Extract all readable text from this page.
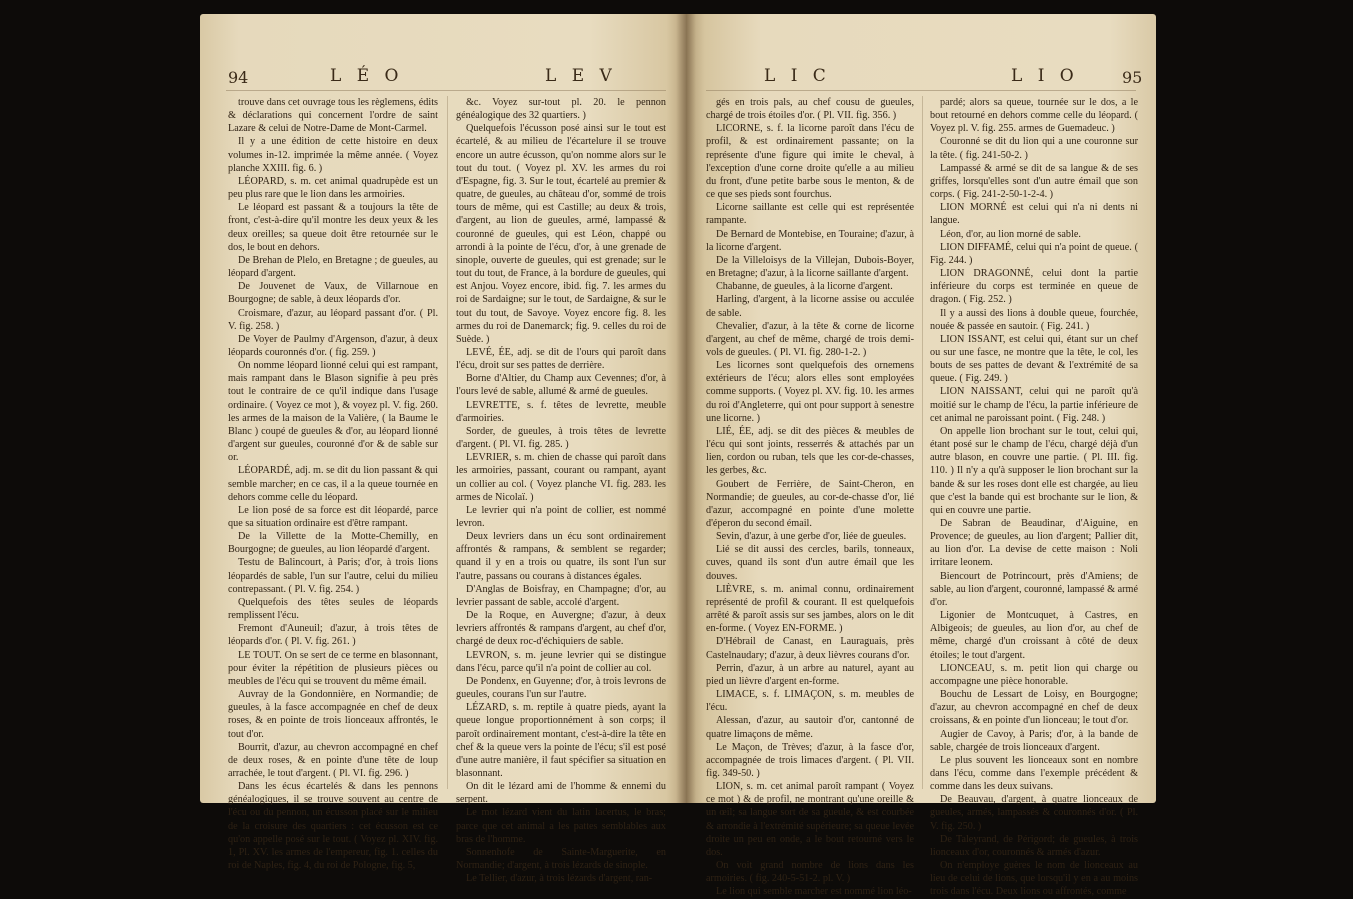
94	L É O	L E V

trouve dans cet ouvrage tous les règlemens, édits & déclarations qui concernent l'ordre de saint Lazare & celui de Notre-Dame de Mont-Carmel.

Il y a une édition de cette histoire en deux volumes in-12. imprimée la même année. ( Voyez planche XXIII. fig. 6. )

LÉOPARD, s. m. cet animal quadrupède est un peu plus rare que le lion dans les armoiries.

Le léopard est passant & a toujours la tête de front, c'est-à-dire qu'il montre les deux yeux & les deux oreilles; sa queue doit être retournée sur le dos, le bout en dehors.

De Brehan de Plelo, en Bretagne ; de gueules, au léopard d'argent.

De Jouvenet de Vaux, de Villarnoue en Bourgogne; de sable, à deux léopards d'or.

Croismare, d'azur, au léopard passant d'or. ( Pl. V. fig. 258. )

De Voyer de Paulmy d'Argenson, d'azur, à deux léopards couronnés d'or. ( fig. 259. )

On nomme léopard lionné celui qui est rampant, mais rampant dans le Blason signifie à peu près tout le contraire de ce qu'il indique dans l'usage ordinaire. ( Voyez ce mot ), & voyez pl. V. fig. 260. les armes de la maison de la Valière, ( la Baume le Blanc ) coupé de gueules & d'or, au léopard lionné d'argent sur gueules, couronné d'or & de sable sur or.

LÉOPARDÉ, adj. m. se dit du lion passant & qui semble marcher; en ce cas, il a la queue tournée en dehors comme celle du léopard.

Le lion posé de sa force est dit léopardé, parce que sa situation ordinaire est d'être rampant.

De la Villette de la Motte-Chemilly, en Bourgogne; de gueules, au lion léopardé d'argent.

Testu de Balincourt, à Paris; d'or, à trois lions léopardés de sable, l'un sur l'autre, celui du milieu contrepassant. ( Pl. V. fig. 254. )

Quelquefois des têtes seules de léopards remplissent l'écu.

Fremont d'Auneuil; d'azur, à trois têtes de léopards d'or. ( Pl. V. fig. 261. )

LE TOUT. On se sert de ce terme en blasonnant, pour éviter la répétition de plusieurs pièces ou meubles de l'écu qui se trouvent du même émail.

Auvray de la Gondonnière, en Normandie; de gueules, à la fasce accompagnée en chef de deux roses, & en pointe de trois lionceaux affrontés, le tout d'or.

Bourrit, d'azur, au chevron accompagné en chef de deux roses, & en pointe d'une tête de loup arrachée, le tout d'argent. ( Pl. VI. fig. 296. )

Dans les écus écartelés & dans les pennons généalogiques, il se trouve souvent au centre de l'écu ou du pennon, un écusson placé sur le milieu de la croisure des quartiers : cet écusson est ce qu'on appelle posé sur le tout. ( Voyez pl. XIV. fig. 1, Pl. XV. les armes de l'empereur, fig. 1. celles du roi de Naples, fig. 4, du roi de Pologne, fig. 5,

&c. Voyez sur-tout pl. 20. le pennon généalogique des 32 quartiers. )

Quelquefois l'écusson posé ainsi sur le tout est écartelé, & au milieu de l'écartelure il se trouve encore un autre écusson, qu'on nomme alors sur le tout du tout. ( Voyez pl. XV. les armes du roi d'Espagne, fig. 3. Sur le tout, écartelé au premier & quatre, de gueules, au château d'or, sommé de trois tours de même, qui est Castille; au deux & trois, d'argent, au lion de gueules, armé, lampassé & couronné de gueules, qui est Léon, chappé ou arrondi à la pointe de l'écu, d'or, à une grenade de sinople, ouverte de gueules, qui est grenade; sur le tout du tout, de France, à la bordure de gueules, qui est Anjou. Voyez encore, ibid. fig. 7. les armes du roi de Sardaigne; sur le tout, de Sardaigne, & sur le tout du tout, de Savoye. Voyez encore fig. 8. les armes du roi de Danemarck; fig. 9. celles du roi de Suède. )

LEVÉ, ÉE, adj. se dit de l'ours qui paroît dans l'écu, droit sur ses pattes de derrière.

Borne d'Altier, du Champ aux Cevennes; d'or, à l'ours levé de sable, allumé & armé de gueules.

LEVRETTE, s. f. têtes de levrette, meuble d'armoiries.

Sorder, de gueules, à trois têtes de levrette d'argent. ( Pl. VI. fig. 285. )

LEVRIER, s. m. chien de chasse qui paroît dans les armoiries, passant, courant ou rampant, ayant un collier au col. ( Voyez planche VI. fig. 283. les armes de Nicolaï. )

Le levrier qui n'a point de collier, est nommé levron.

Deux levriers dans un écu sont ordinairement affrontés & rampans, & semblent se regarder; quand il y en a trois ou quatre, ils sont l'un sur l'autre, passans ou courans à distances égales.

D'Anglas de Boisfray, en Champagne; d'or, au levrier passant de sable, accolé d'argent.

De la Roque, en Auvergne; d'azur, à deux levriers affrontés & rampans d'argent, au chef d'or, chargé de deux roc-d'échiquiers de sable.

LEVRON, s. m. jeune levrier qui se distingue dans l'écu, parce qu'il n'a point de collier au col.

De Pondenx, en Guyenne; d'or, à trois levrons de gueules, courans l'un sur l'autre.

LÉZARD, s. m. reptile à quatre pieds, ayant la queue longue proportionnément à son corps; il paroît ordinairement montant, c'est-à-dire la tête en chef & la queue vers la pointe de l'écu; s'il est posé d'une autre manière, il faut spécifier sa situation en blasonnant.

On dit le lézard ami de l'homme & ennemi du serpent.

Le mot lézard vient du latin lacertus, le bras; parce que cet animal a les pattes semblables aux bras de l'homme.

Sonnenhofe de Sainte-Marguerite, en Normandie; d'argent, à trois lézards de sinople.

Le Tellier, d'azur, à trois lézards d'argent, ran-

L I C	L I O	95

gés en trois pals, au chef cousu de gueules, chargé de trois étoiles d'or. ( Pl. VII. fig. 356. )

LICORNE, s. f. la licorne paroît dans l'écu de profil, & est ordinairement passante; on la représente d'une figure qui imite le cheval, à l'exception d'une corne droite qu'elle a au milieu du front, d'une petite barbe sous le menton, & de ce que ses pieds sont fourchus.

Licorne saillante est celle qui est représentée rampante.

De Bernard de Montebise, en Touraine; d'azur, à la licorne d'argent.

De la Villeloisys de la Villejan, Dubois-Boyer, en Bretagne; d'azur, à la licorne saillante d'argent.

Chabanne, de gueules, à la licorne d'argent.

Harling, d'argent, à la licorne assise ou acculée de sable.

Chevalier, d'azur, à la tête & corne de licorne d'argent, au chef de même, chargé de trois demi-vols de gueules. ( Pl. VI. fig. 280-1-2. )

Les licornes sont quelquefois des ornemens extérieurs de l'écu; alors elles sont employées comme supports. ( Voyez pl. XV. fig. 10. les armes du roi d'Angleterre, qui ont pour support à senestre une licorne. )

LIÉ, ÉE, adj. se dit des pièces & meubles de l'écu qui sont joints, resserrés & attachés par un lien, cordon ou ruban, tels que les cor-de-chasses, les gerbes, &c.

Goubert de Ferrière, de Saint-Cheron, en Normandie; de gueules, au cor-de-chasse d'or, lié d'azur, accompagné en pointe d'une molette d'éperon du second émail.

Sevin, d'azur, à une gerbe d'or, liée de gueules.

Lié se dit aussi des cercles, barils, tonneaux, cuves, quand ils sont d'un autre émail que les douves.

LIÈVRE, s. m. animal connu, ordinairement représenté de profil & courant. Il est quelquefois arrêté & paroît assis sur ses jambes, alors on le dit en-forme. ( Voyez EN-FORME. )

D'Hébrail de Canast, en Lauraguais, près Castelnaudary; d'azur, à deux lièvres courans d'or.

Perrin, d'azur, à un arbre au naturel, ayant au pied un lièvre d'argent en-forme.

LIMACE, s. f. LIMAÇON, s. m. meubles de l'écu.

Alessan, d'azur, au sautoir d'or, cantonné de quatre limaçons de même.

Le Maçon, de Trèves; d'azur, à la fasce d'or, accompagnée de trois limaces d'argent. ( Pl. VII. fig. 349-50. )

LION, s. m. cet animal paroît rampant ( Voyez ce mot ) & de profil, ne montrant qu'une oreille & un œil; sa langue sort de sa gueule, & est courbée & arrondie à l'extrémité supérieure; sa queue levée droite un peu en onde, a le bout retourné vers le dos.

On voit grand nombre de lions dans les armoiries. ( fig. 240-5-51-2. pl. V. )

Le lion qui semble marcher est nommé lion léo-

pardé; alors sa queue, tournée sur le dos, a le bout retourné en dehors comme celle du léopard. ( Voyez pl. V. fig. 255. armes de Guemadeuc. )

Couronné se dit du lion qui a une couronne sur la tête. ( fig. 241-50-2. )

Lampassé & armé se dit de sa langue & de ses griffes, lorsqu'elles sont d'un autre émail que son corps. ( Fig. 241-2-50-1-2-4. )

LION MORNÉ est celui qui n'a ni dents ni langue.

Léon, d'or, au lion morné de sable.

LION DIFFAMÉ, celui qui n'a point de queue. ( Fig. 244. )

LION DRAGONNÉ, celui dont la partie inférieure du corps est terminée en queue de dragon. ( Fig. 252. )

Il y a aussi des lions à double queue, fourchée, nouée & passée en sautoir. ( Fig. 241. )

LION ISSANT, est celui qui, étant sur un chef ou sur une fasce, ne montre que la tête, le col, les bouts de ses pattes de devant & l'extrémité de sa queue. ( Fig. 249. )

LION NAISSANT, celui qui ne paroît qu'à moitié sur le champ de l'écu, la partie inférieure de cet animal ne paroissant point. ( Fig. 248. )

On appelle lion brochant sur le tout, celui qui, étant posé sur le champ de l'écu, chargé déjà d'un autre blason, en couvre une partie. ( Pl. III. fig. 110. ) Il n'y a qu'à supposer le lion brochant sur la bande & sur les roses dont elle est chargée, au lieu que c'est la bande qui est brochante sur le lion, & qui en couvre une partie.

De Sabran de Beaudinar, d'Aiguine, en Provence; de gueules, au lion d'argent; Pallier dit, au lion d'or. La devise de cette maison : Noli irritare leonem.

Biencourt de Potrincourt, près d'Amiens; de sable, au lion d'argent, couronné, lampassé & armé d'or.

Ligonier de Montcuquet, à Castres, en Albigeois; de gueules, au lion d'or, au chef de même, chargé d'un croissant à côté de deux étoiles; le tout d'argent.

LIONCEAU, s. m. petit lion qui charge ou accompagne une pièce honorable.

Bouchu de Lessart de Loisy, en Bourgogne; d'azur, au chevron accompagné en chef de deux croissans, & en pointe d'un lionceau; le tout d'or.

Augier de Cavoy, à Paris; d'or, à la bande de sable, chargée de trois lionceaux d'argent.

Le plus souvent les lionceaux sont en nombre dans l'écu, comme dans l'exemple précédent & comme dans les deux suivans.

De Beauvau, d'argent, à quatre lionceaux de gueules, armés, lampassés & couronnés d'or. ( Pl. V. fig. 250. )

De Taleyrand, de Périgord; de gueules, à trois lionceaux d'or, couronnés & armés d'azur.

On n'employe guères le nom de lionceaux au lieu de celui de lions, que lorsqu'il y en a au moins trois dans l'écu. Deux lions ou affrontés, comme
